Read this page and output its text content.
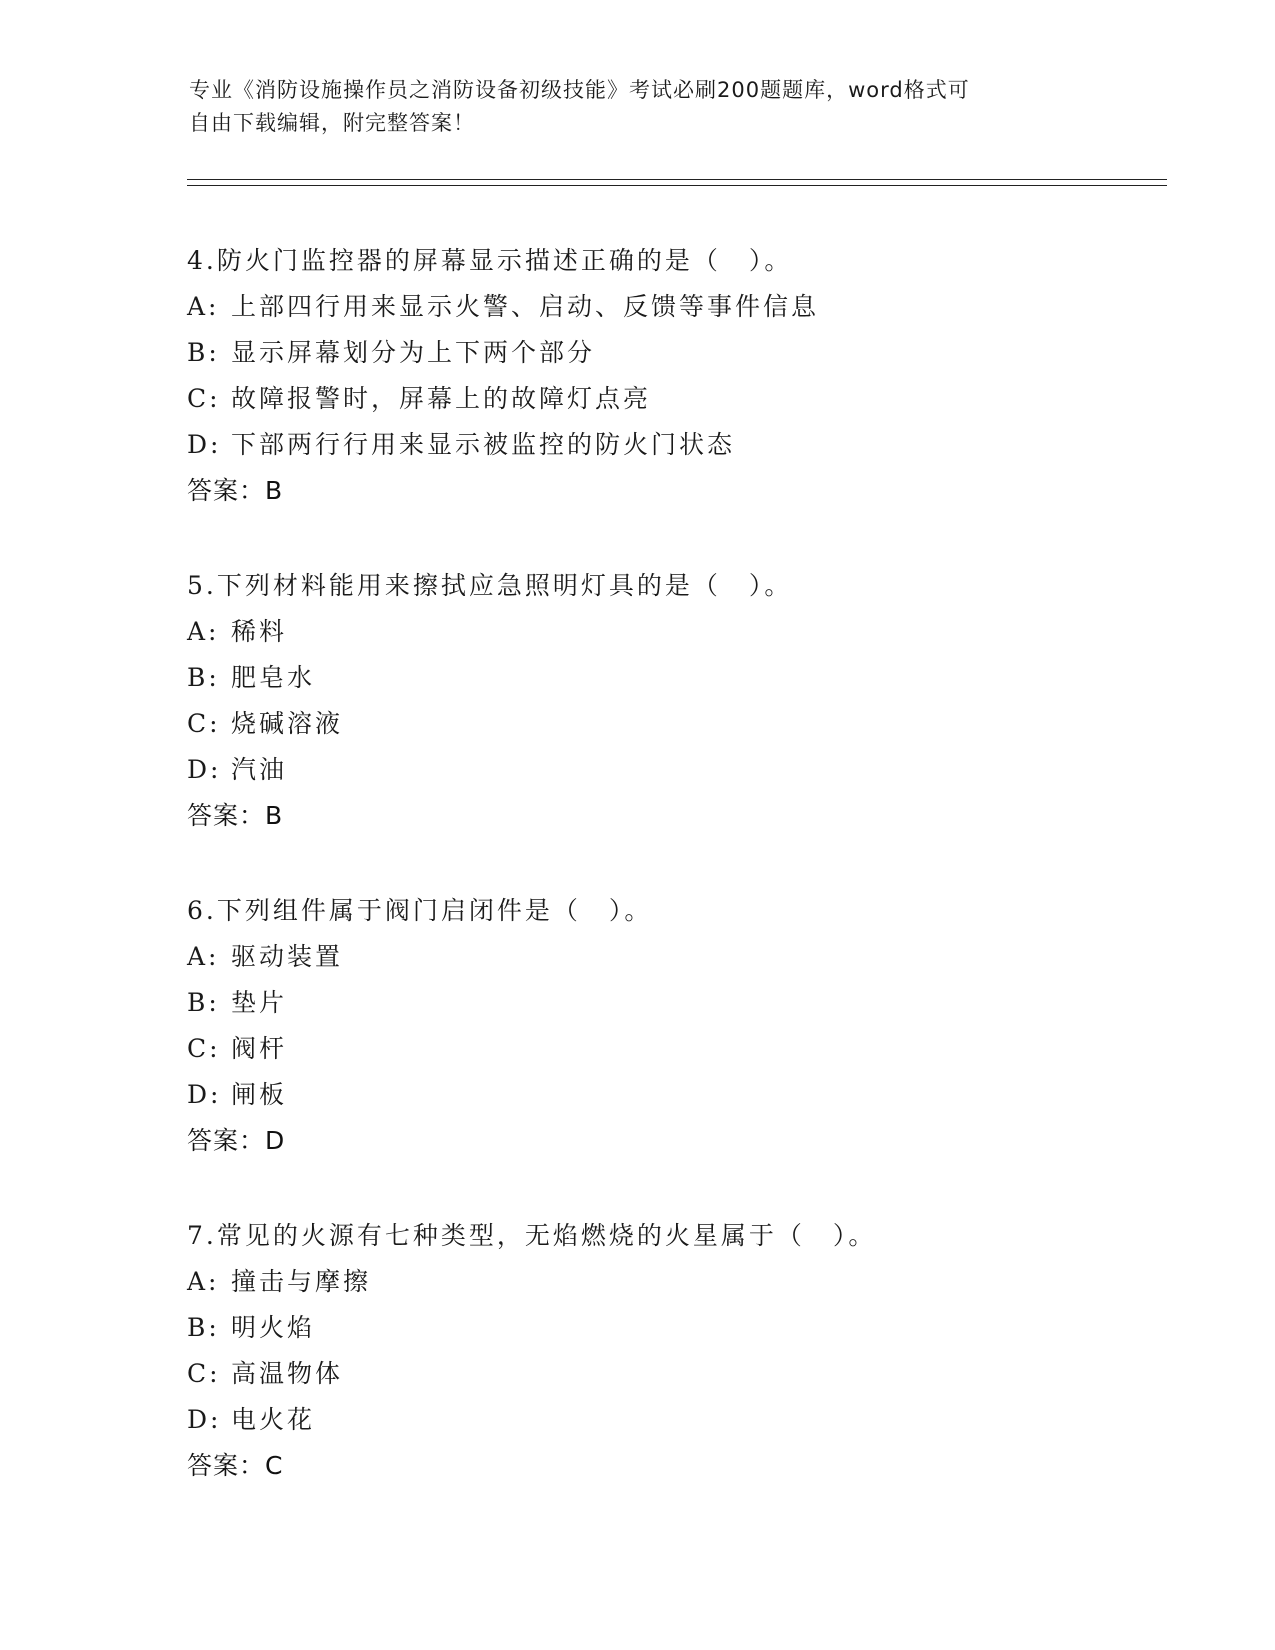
专业《消防设施操作员之消防设备初级技能》考试必刷200题题库，word格式可
自由下载编辑，附完整答案！
4.防火门监控器的屏幕显示描述正确的是（　）。
A: 上部四行用来显示火警、启动、反馈等事件信息
B: 显示屏幕划分为上下两个部分
C: 故障报警时，屏幕上的故障灯点亮
D: 下部两行行用来显示被监控的防火门状态
答案：B
5.下列材料能用来擦拭应急照明灯具的是（　）。
A: 稀料
B: 肥皂水
C: 烧碱溶液
D: 汽油
答案：B
6.下列组件属于阀门启闭件是（　）。
A: 驱动装置
B: 垫片
C: 阀杆
D: 闸板
答案：D
7.常见的火源有七种类型，无焰燃烧的火星属于（　）。
A: 撞击与摩擦
B: 明火焰
C: 高温物体
D: 电火花
答案：C
